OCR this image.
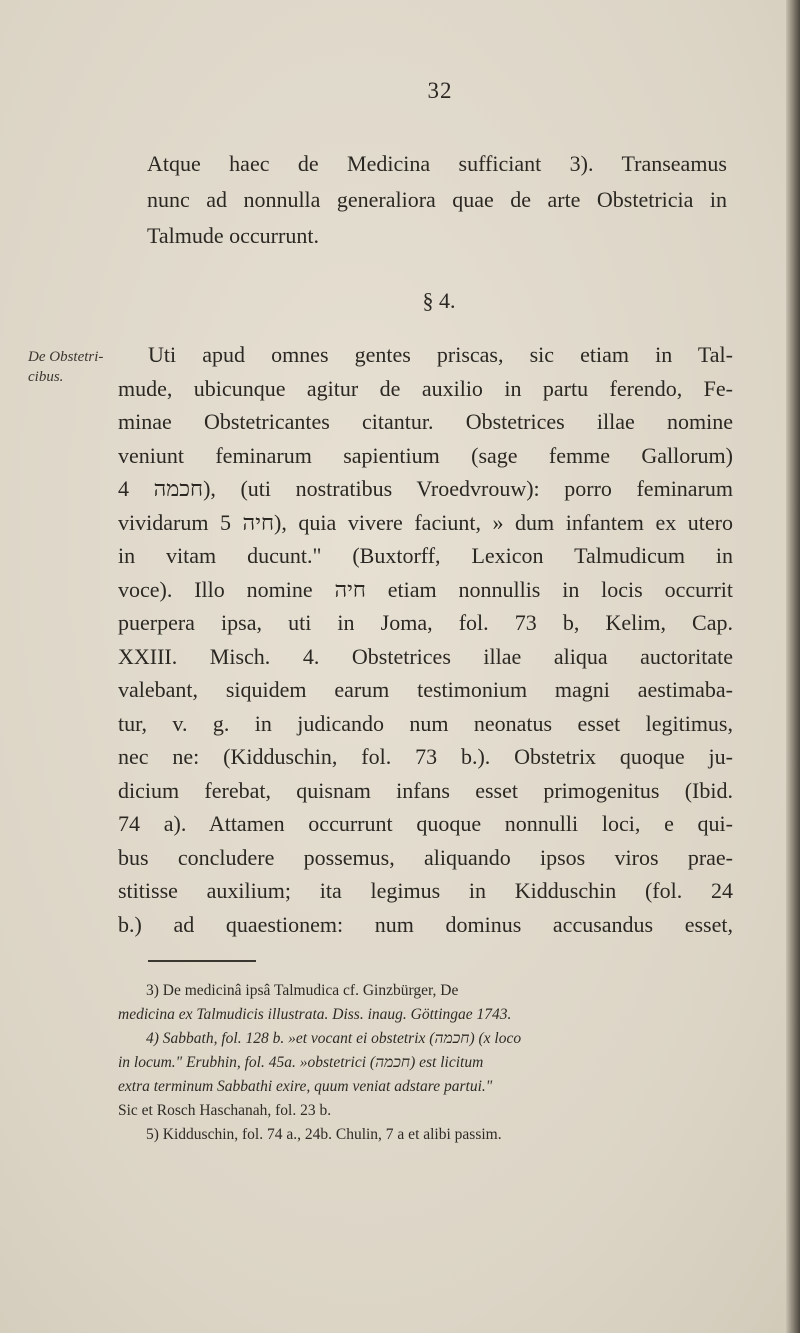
32
Atque haec de Medicina sufficiant 3). Transeamus
nunc ad nonnulla generaliora quae de arte Obstetricia in
Talmude occurrunt.
§ 4.
De Obstetri-
cibus.
Uti apud omnes gentes priscas, sic etiam in Tal-
mude, ubicunque agitur de auxilio in partu ferendo, Fe-
minae Obstetricantes citantur. Obstetrices illae nomine
veniunt feminarum sapientium (sage femme Gallorum)
חכמה 4), (uti nostratibus Vroedvrouw): porro feminarum
vividarum חיה 5), quia vivere faciunt, » dum infantem ex utero
in vitam ducunt." (Buxtorff, Lexicon Talmudicum in
voce). Illo nomine חיה etiam nonnullis in locis occurrit
puerpera ipsa, uti in Joma, fol. 73 b, Kelim, Cap.
XXIII. Misch. 4. Obstetrices illae aliqua auctoritate
valebant, siquidem earum testimonium magni aestimaba-
tur, v. g. in judicando num neonatus esset legitimus,
nec ne: (Kidduschin, fol. 73 b.). Obstetrix quoque ju-
dicium ferebat, quisnam infans esset primogenitus (Ibid.
74 a). Attamen occurrunt quoque nonnulli loci, e qui-
bus concludere possemus, aliquando ipsos viros prae-
stitisse auxilium; ita legimus in Kidduschin (fol. 24
b.) ad quaestionem: num dominus accusandus esset,
3) De medicinâ ipsâ Talmudica cf. Ginzbürger, De
medicina ex Talmudicis illustrata. Diss. inaug. Göttingae 1743.
4) Sabbath, fol. 128 b. »et vocant ei obstetrix (חכמה) (x loco
in locum." Erubhin, fol. 45a. »obstetrici (חכמה) est licitum
extra terminum Sabbathi exire, quum veniat adstare partui."
Sic et Rosch Haschanah, fol. 23 b.
5) Kidduschin, fol. 74 a., 24b. Chulin, 7 a et alibi passim.
